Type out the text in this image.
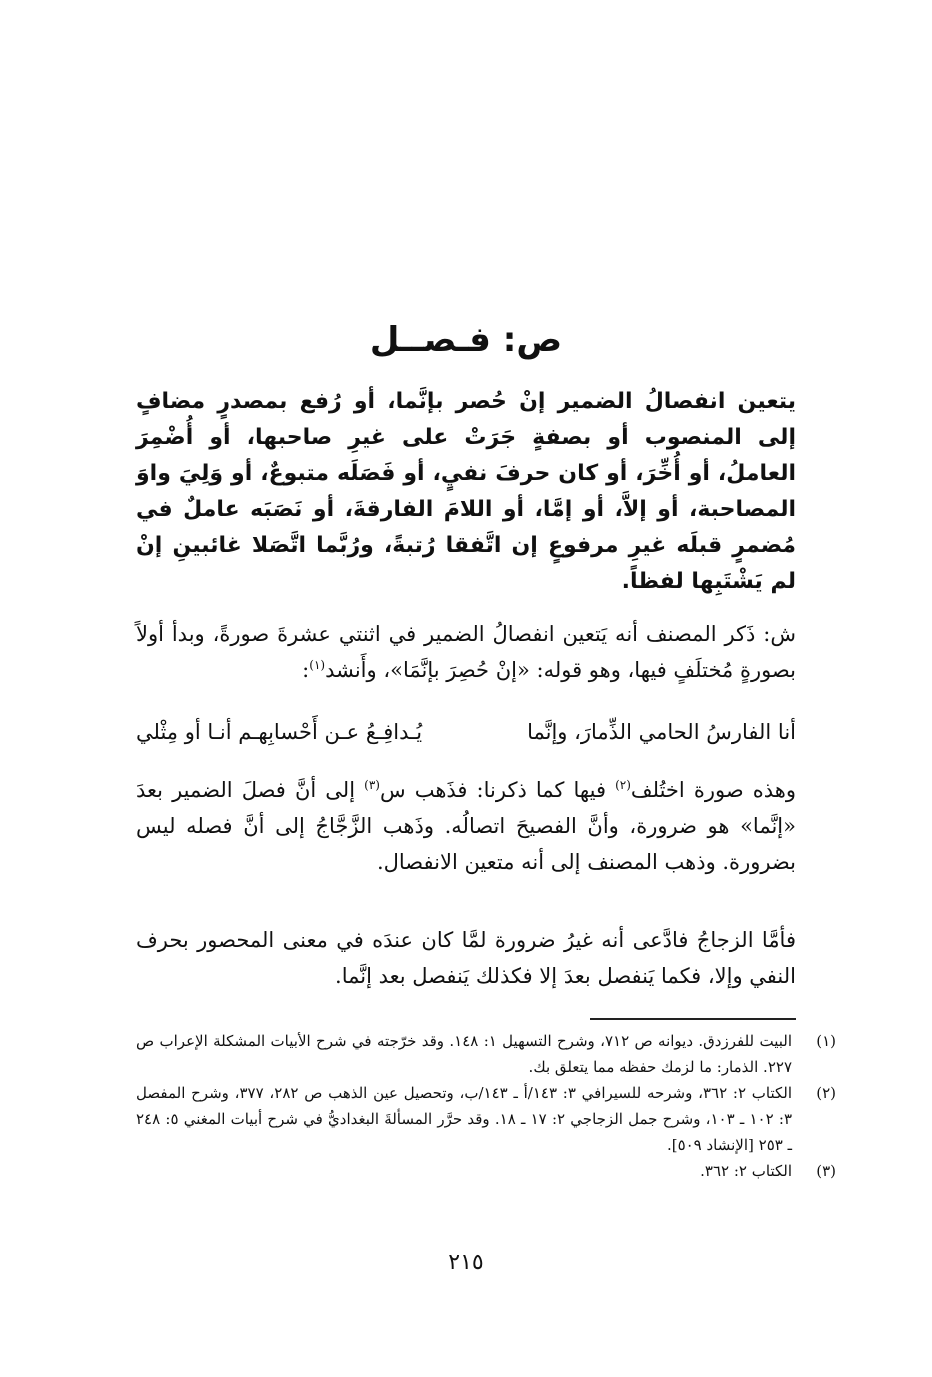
ص: فـصــل

يتعين انفصالُ الضمير إنْ حُصر بإنَّما، أو رُفع بمصدرٍ مضافٍ إلى المنصوب أو بصفةٍ جَرَتْ على غيرِ صاحبها، أو أُضْمِرَ العاملُ، أو أُخِّرَ، أو كان حرفَ نفيٍ، أو فَصَلَه متبوعٌ، أو وَلِيَ واوَ المصاحبة، أو إلاَّ، أو إمَّا، أو اللامَ الفارقةَ، أو نَصَبَه عاملٌ في مُضمرٍ قبلَه غيرِ مرفوعٍ إن اتَّفقا رُتبةً، ورُبَّما اتَّصَلا غائبينِ إنْ لم يَشْتَبِها لفظاً.

ش: ذَكر المصنف أنه يَتعين انفصالُ الضمير في اثنتي عشرةَ صورةً، وبدأ أولاً بصورةٍ مُختلَفٍ فيها، وهو قوله: «إنْ حُصِرَ بإنَّمَا»، وأَنشد$^{(١)}$:

أنا الفارسُ الحامي الذِّمارَ، وإنَّما
يُـدافِـعُ عـن أَحْسابِهـم أنـا أو مِثْلي

وهذه صورة اختُلف$^{(٢)}$ فيها كما ذكرنا: فذَهب س$^{(٣)}$ إلى أنَّ فصلَ الضمير بعدَ «إنَّما» هو ضرورة، وأنَّ الفصيحَ اتصالُه. وذَهب الزَّجَّاجُ إلى أنَّ فصله ليس بضرورة. وذهب المصنف إلى أنه متعين الانفصال.

فأمَّا الزجاجُ فادَّعى أنه غيرُ ضرورة لمَّا كان عندَه في معنى المحصور بحرف النفي وإلا، فكما يَنفصل بعدَ إلا فكذلك يَنفصل بعد إنَّما.

(١)
البيت للفرزدق. ديوانه ص ٧١٢، وشرح التسهيل ١: ١٤٨. وقد خرّجته في شرح الأبيات المشكلة الإعراب ص ٢٢٧. الذمار: ما لزمك حفظه مما يتعلق بك.
(٢)
الكتاب ٢: ٣٦٢، وشرحه للسيرافي ٣: ١٤٣/أ ـ ١٤٣/ب، وتحصيل عين الذهب ص ٢٨٢، ٣٧٧، وشرح المفصل ٣: ١٠٢ ـ ١٠٣، وشرح جمل الزجاجي ٢: ١٧ ـ ١٨. وقد حرَّر المسألةَ البغداديُّ في شرح أبيات المغني ٥: ٢٤٨ ـ ٢٥٣ [الإنشاد ٥٠٩].
(٣)
الكتاب ٢: ٣٦٢.
٢١٥
